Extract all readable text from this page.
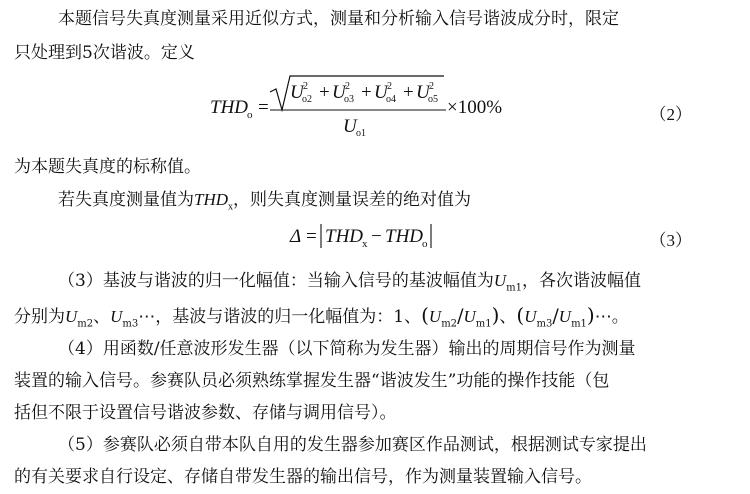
本题信号失真度测量采用近似方式，测量和分析输入信号谐波成分时，限定
只处理到5次谐波。定义
THD
o =
U 2
o2 + U 2
o3 + U 2
o4 + U 2
o5
U o1
×100%	（2）
为本题失真度的标称值。
若失真度测量值为$THD_x$，则失真度测量误差的绝对值为
Δ = THD
x − THD
o	（3）
（3）基波与谐波的归一化幅值：当输入信号的基波幅值为$U_{m1}$，各次谐波幅值
分别为$U_{m2}$、$U_{m3}\cdots$，基波与谐波的归一化幅值为：1、$(U_{m2}/U_{m1})$、$(U_{m3}/U_{m1})\cdots$。
（4）用函数/任意波形发生器（以下简称为发生器）输出的周期信号作为测量
装置的输入信号。参赛队员必须熟练掌握发生器“谐波发生”功能的操作技能（包
括但不限于设置信号谐波参数、存储与调用信号）。
（5）参赛队必须自带本队自用的发生器参加赛区作品测试，根据测试专家提出
的有关要求自行设定、存储自带发生器的输出信号，作为测量装置输入信号。
